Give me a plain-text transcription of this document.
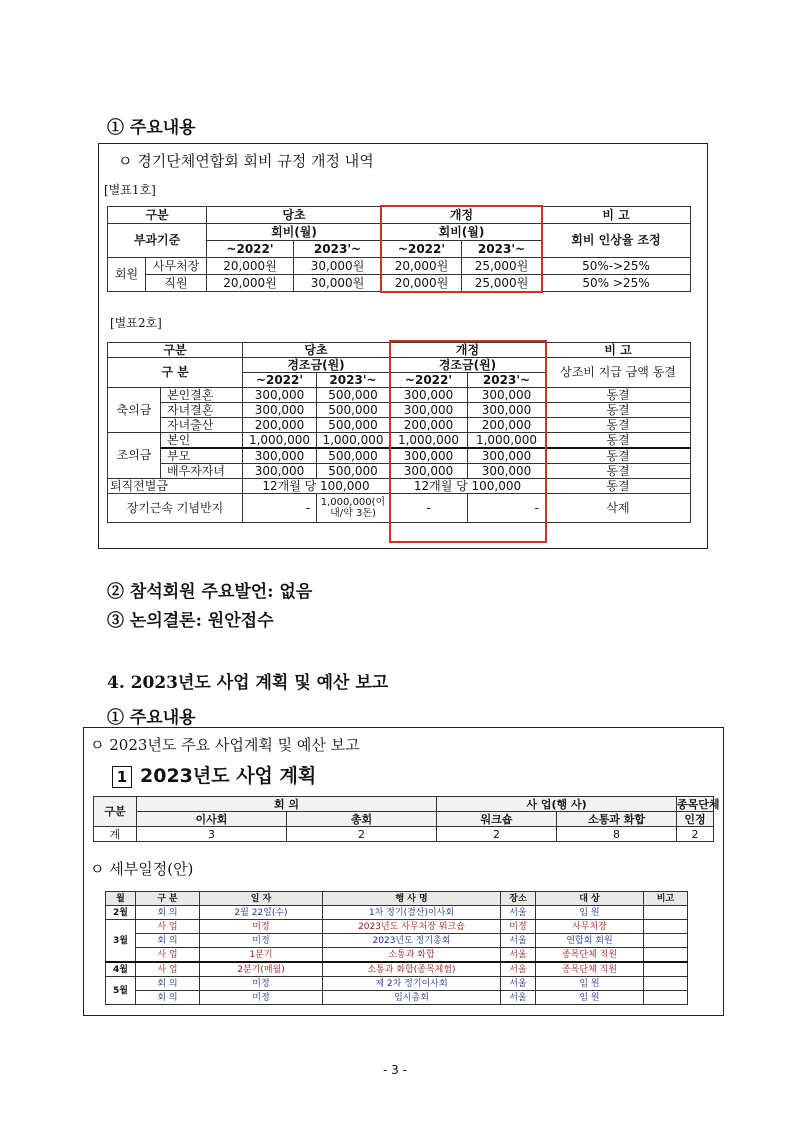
① 주요내용
ㅇ 경기단체연합회 회비 규정 개정 내역
[별표1호]
구분		당초		개정		비 고
부과기준		회비(월)		회비(월)		회비 인상율 조정
		~2022'	2023'~	~2022'	2023'~	
회원	사무처장	20,000원	30,000원	20,000원	25,000원	50%->25%
	직원	20,000원	30,000원	20,000원	25,000원	50% >25%
[별표2호]
구분		당초		개정		비 고
구 분		경조금(원)		경조금(원)		상조비 지급 금액 동결
		~2022'	2023'~	~2022'	2023'~	
축의금	본인결혼	300,000	500,000	300,000	300,000	동결
	자녀결혼	300,000	500,000	300,000	300,000	동결
	자녀출산	200,000	500,000	200,000	200,000	동결
조의금	본인	1,000,000	1,000,000	1,000,000	1,000,000	동결
	부모	300,000	500,000	300,000	300,000	동결
	배우자자녀	300,000	500,000	300,000	300,000	동결
퇴직전별금		12개월 당 100,000		12개월 당 100,000		동결
장기근속 기념반지		-	1,000,000(이내/약 3돈)	-	-	삭제
② 참석회원 주요발언: 없음
③ 논의결론: 원안접수
4. 2023년도 사업 계획 및 예산 보고
① 주요내용
ㅇ 2023년도 주요 사업계획 및 예산 보고
1 2023년도 사업 계획
구분	회 의		사 업(행 사)		종목단체
	이사회	총회	워크숍	소통과 화합	인정
계	3	2	2	8	2
ㅇ 세부일정(안)
월	구 분	일 자	행 사 명	장소	대 상	비고
2월	회 의	2월 22일(수)	1차 정기(결산)이사회	서울	임 원	
3월	사 업	미정	2023년도 사무처장 워크숍	미정	사무처장	
	회 의	미정	2023년도 정기총회	서울	연합회 회원	
	사 업	1분기	소통과 화합	서울	종목단체 직원	
4월	사 업	2분기(매월)	소통과 화합(종목체험)	서울	종목단체 직원	
5월	회 의	미정	제 2차 정기이사회	서울	임 원	
	회 의	미정	임시총회	서울	임 원	
- 3 -
